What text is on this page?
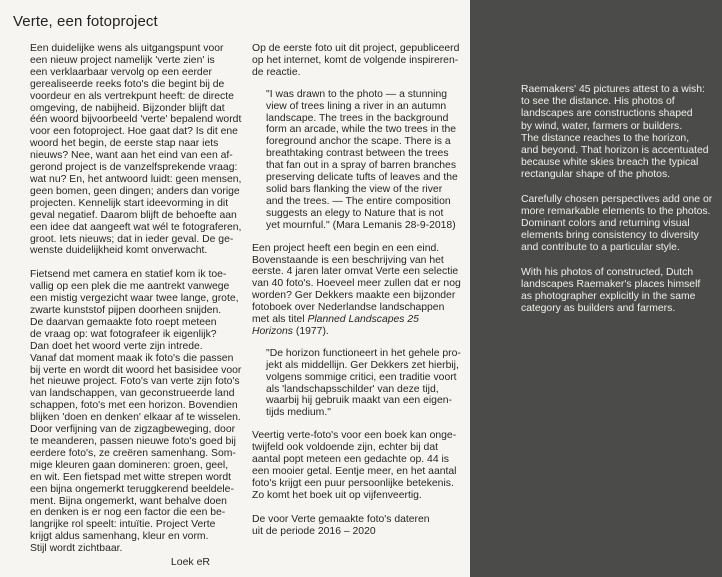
Verte, een fotoproject

Een duidelijke wens als uitgangspunt voor
een nieuw project namelijk 'verte zien' is
een verklaarbaar vervolg op een eerder
gerealiseerde reeks foto's die begint bij de
voordeur en als vertrekpunt heeft: de directe
omgeving, de nabijheid. Bijzonder blijft dat
één woord bijvoorbeeld 'verte' bepalend wordt
voor een fotoproject. Hoe gaat dat? Is dit ene
woord het begin, de eerste stap naar iets
nieuws? Nee, want aan het eind van een af-
gerond project is de vanzelfsprekende vraag:
wat nu? En, het antwoord luidt: geen mensen,
geen bomen, geen dingen; anders dan vorige
projecten. Kennelijk start ideevorming in dit
geval negatief. Daarom blijft de behoefte aan
een idee dat aangeeft wat wél te fotograferen,
groot. Iets nieuws; dat in ieder geval. De ge-
wenste duidelijkheid komt onverwacht.

Fietsend met camera en statief kom ik toe-
vallig op een plek die me aantrekt vanwege
een mistig vergezicht waar twee lange, grote,
zwarte kunststof pijpen doorheen snijden.
De daarvan gemaakte foto roept meteen
de vraag op: wat fotografeer ik eigenlijk?
Dan doet het woord verte zijn intrede.
Vanaf dat moment maak ik foto's die passen
bij verte en wordt dit woord het basisidee voor
het nieuwe project. Foto's van verte zijn foto's
van landschappen, van geconstrueerde land
schappen, foto's met een horizon. Bovendien
blijken 'doen en denken' elkaar af te wisselen.
Door verfijning van de zigzagbeweging, door
te meanderen, passen nieuwe foto's goed bij
eerdere foto's, ze creëren samenhang. Som-
mige kleuren gaan domineren: groen, geel,
en wit. Een fietspad met witte strepen wordt
een bijna ongemerkt teruggkerend beeldele-
ment. Bijna ongemerkt, want behalve doen
en denken is er nog een factor die een be-
langrijke rol speelt: intuïtie. Project Verte
krijgt aldus samenhang, kleur en vorm.
Stijl wordt zichtbaar.

Op de eerste foto uit dit project, gepubliceerd
op het internet, komt de volgende inspireren-
de reactie.

"I was drawn to the photo — a stunning
view of trees lining a river in an autumn
landscape. The trees in the background
form an arcade, while the two trees in the
foreground anchor the scape. There is a
breathtaking contrast between the trees
that fan out in a spray of barren branches
preserving delicate tufts of leaves and the
solid bars flanking the view of the river
and the trees. — The entire composition
suggests an elegy to Nature that is not
yet mournful." (Mara Lemanis 28-9-2018)

Een project heeft een begin en een eind.
Bovenstaande is een beschrijving van het
eerste. 4 jaren later omvat Verte een selectie
van 40 foto's. Hoeveel meer zullen dat er nog
worden? Ger Dekkers maakte een bijzonder
fotoboek over Nederlandse landschappen
met als titel Planned Landscapes 25
Horizons (1977).

"De horizon functioneert in het gehele pro-
jekt als middellijn. Ger Dekkers zet hierbij,
volgens sommige critici, een traditie voort
als 'landschapsschilder' van deze tijd,
waarbij hij gebruik maakt van een eigen-
tijds medium."

Veertig verte-foto's voor een boek kan onge-
twijfeld ook voldoende zijn, echter bij dat
aantal popt meteen een gedachte op. 44 is
een mooier getal. Eentje meer, en het aantal
foto's krijgt een puur persoonlijke betekenis.
Zo komt het boek uit op vijfenveertig.

De voor Verte gemaakte foto's dateren
uit de periode 2016 – 2020

Loek eR

Raemakers' 45 pictures attest to a wish:
to see the distance. His photos of
landscapes are constructions shaped
by wind, water, farmers or builders.
The distance reaches to the horizon,
and beyond. That horizon is accentuated
because white skies breach the typical
rectangular shape of the photos.

Carefully chosen perspectives add one or
more remarkable elements to the photos.
Dominant colors and returning visual
elements bring consistency to diversity
and contribute to a particular style.

With his photos of constructed, Dutch
landscapes Raemaker's places himself
as photographer explicitly in the same
category as builders and farmers.
